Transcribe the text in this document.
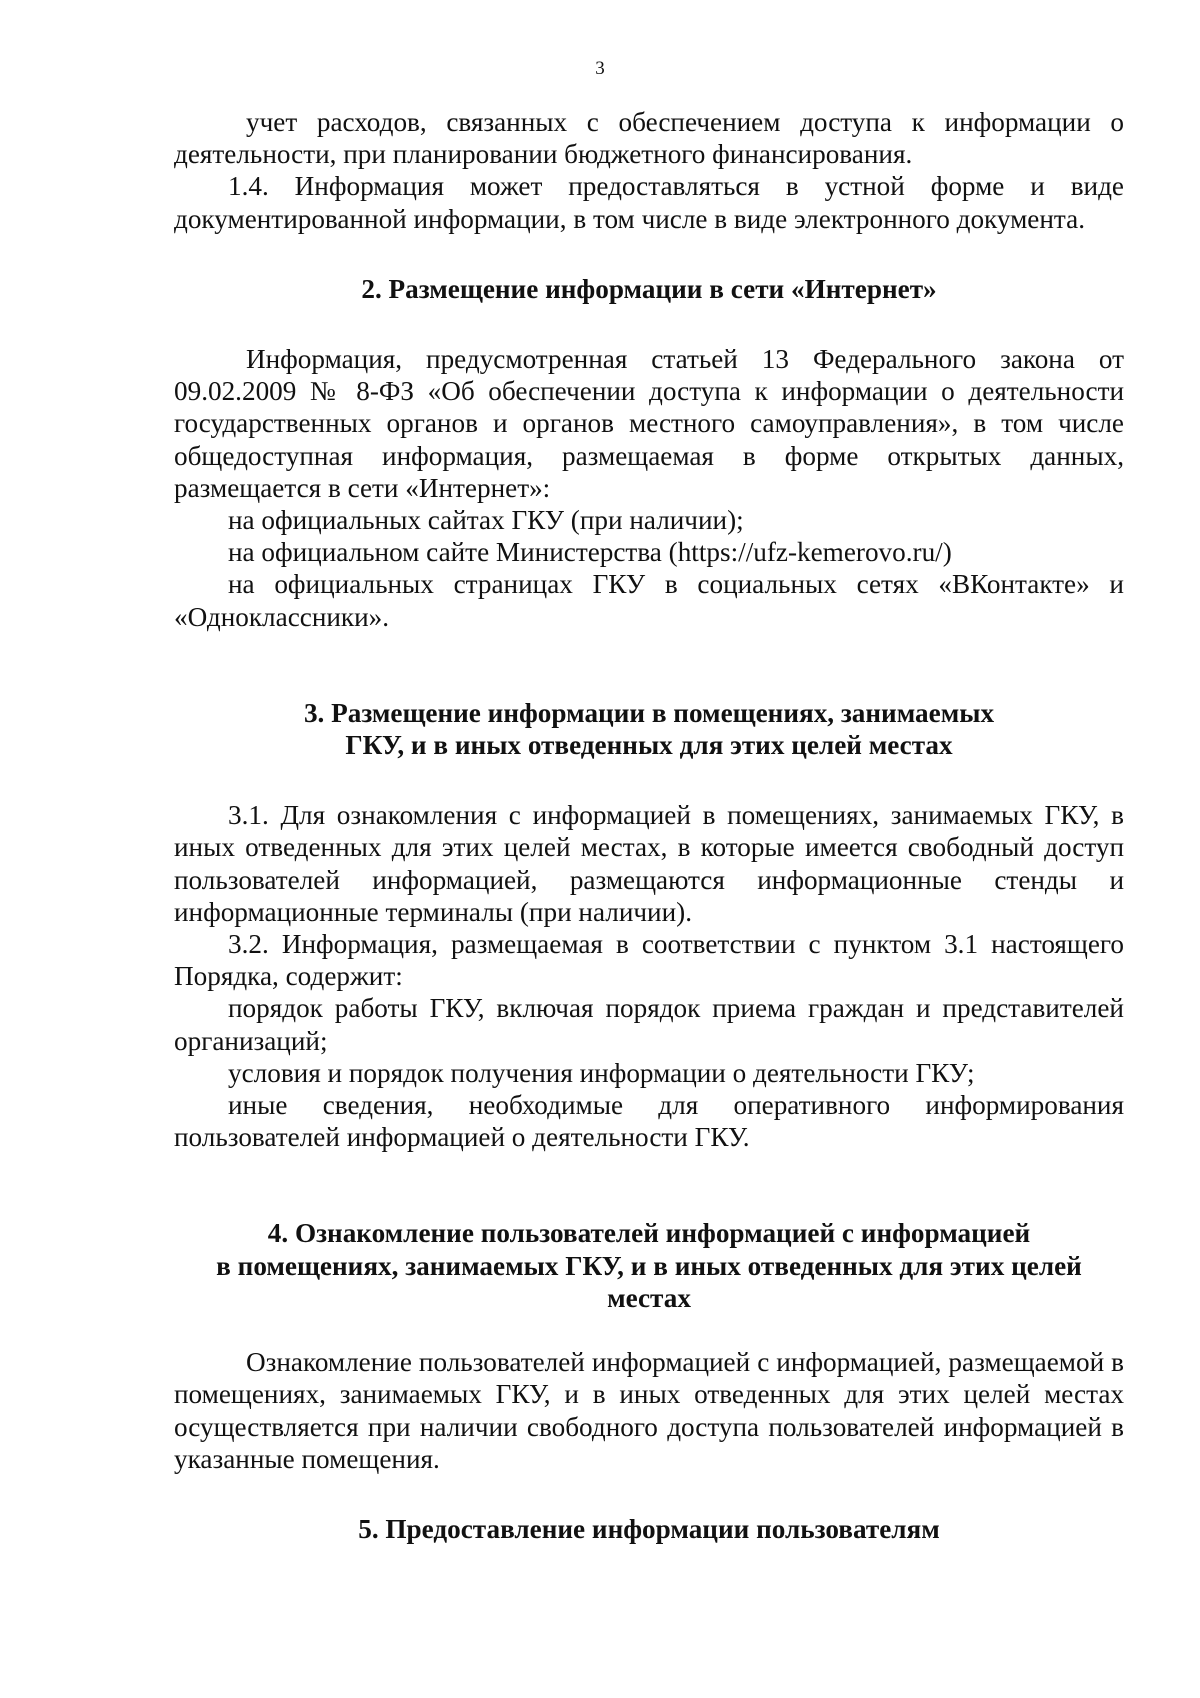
3

учет расходов, связанных с обеспечением доступа к информации о деятельности, при планировании бюджетного финансирования.

1.4. Информация может предоставляться в устной форме и виде документированной информации, в том числе в виде электронного документа.

2. Размещение информации в сети «Интернет»

Информация, предусмотренная статьей 13 Федерального закона от 09.02.2009 № 8-ФЗ «Об обеспечении доступа к информации о деятельности государственных органов и органов местного самоуправления», в том числе общедоступная информация, размещаемая в форме открытых данных, размещается в сети «Интернет»:

на официальных сайтах ГКУ (при наличии);

на официальном сайте Министерства (https://ufz-kemerovo.ru/)

на официальных страницах ГКУ в социальных сетях «ВКонтакте» и «Одноклассники».

3. Размещение информации в помещениях, занимаемых
ГКУ, и в иных отведенных для этих целей местах

3.1. Для ознакомления с информацией в помещениях, занимаемых ГКУ, в иных отведенных для этих целей местах, в которые имеется свободный доступ пользователей информацией, размещаются информационные стенды и информационные терминалы (при наличии).

3.2. Информация, размещаемая в соответствии с пунктом 3.1 настоящего Порядка, содержит:

порядок работы ГКУ, включая порядок приема граждан и представителей организаций;

условия и порядок получения информации о деятельности ГКУ;

иные сведения, необходимые для оперативного информирования пользователей информацией о деятельности ГКУ.

4. Ознакомление пользователей информацией с информацией
в помещениях, занимаемых ГКУ, и в иных отведенных для этих целей
местах

Ознакомление пользователей информацией с информацией, размещаемой в помещениях, занимаемых ГКУ, и в иных отведенных для этих целей местах осуществляется при наличии свободного доступа пользователей информацией в указанные помещения.

5. Предоставление информации пользователям
